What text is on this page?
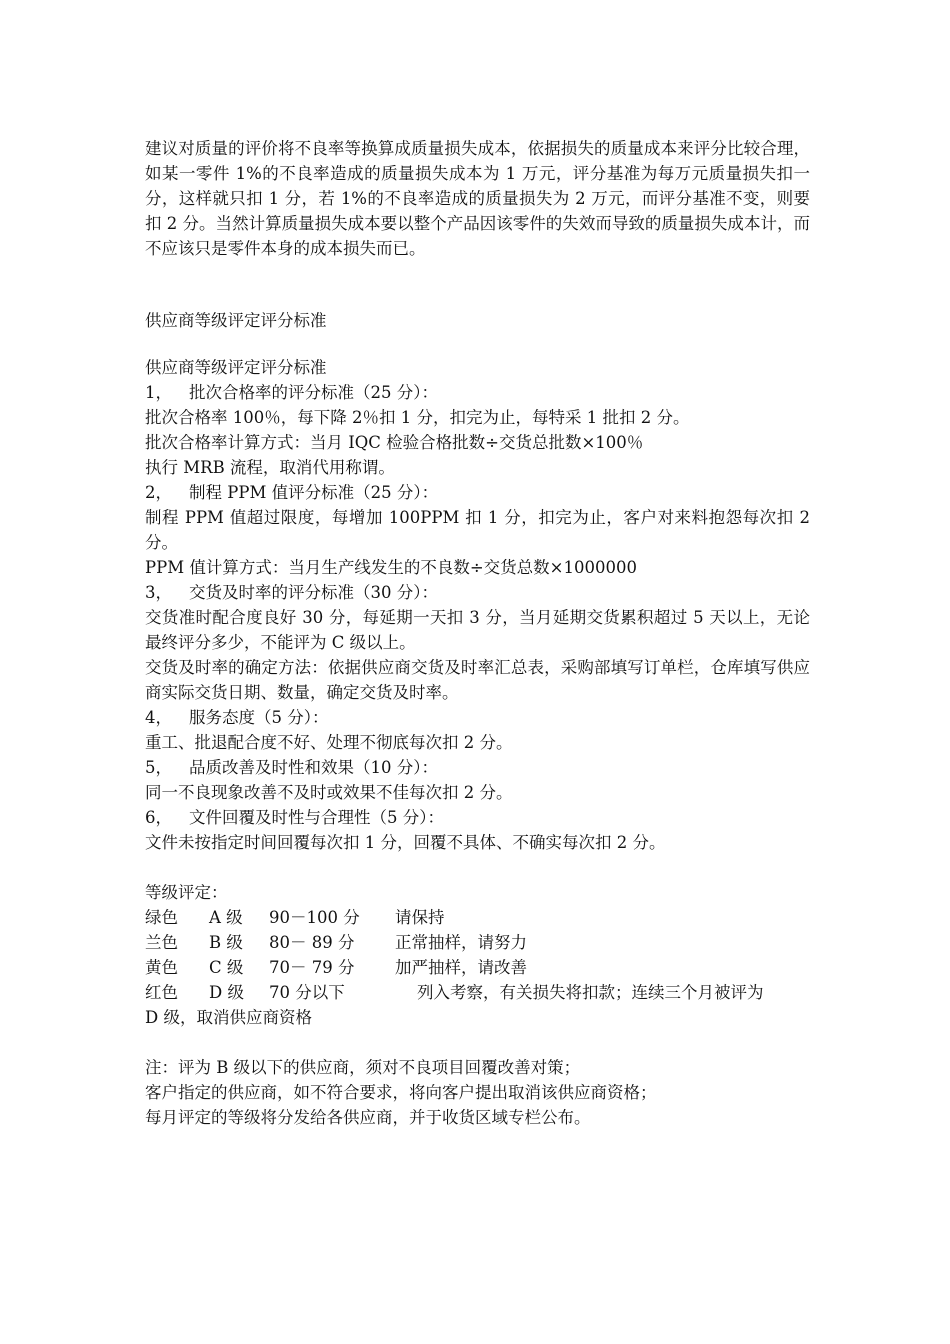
建议对质量的评价将不良率等换算成质量损失成本，依据损失的质量成本来评分比较合理，如某一零件 1%的不良率造成的质量损失成本为 1 万元，评分基准为每万元质量损失扣一分，这样就只扣 1 分，若 1%的不良率造成的质量损失为 2 万元，而评分基准不变，则要扣 2 分。当然计算质量损失成本要以整个产品因该零件的失效而导致的质量损失成本计，而不应该只是零件本身的成本损失而已。

供应商等级评定评分标准

供应商等级评定评分标准

1， 批次合格率的评分标准（25 分）：

批次合格率 100％，每下降 2％扣 1 分，扣完为止，每特采 1 批扣 2 分。

批次合格率计算方式：当月 IQC 检验合格批数÷交货总批数×100％

执行 MRB 流程，取消代用称谓。

2， 制程 PPM 值评分标准（25 分）：

制程 PPM 值超过限度，每增加 100PPM 扣 1 分，扣完为止，客户对来料抱怨每次扣 2 分。

PPM 值计算方式：当月生产线发生的不良数÷交货总数×1000000

3， 交货及时率的评分标准（30 分）：

交货准时配合度良好 30 分，每延期一天扣 3 分，当月延期交货累积超过 5 天以上，无论最终评分多少，不能评为 C 级以上。

交货及时率的确定方法：依据供应商交货及时率汇总表，采购部填写订单栏，仓库填写供应商实际交货日期、数量，确定交货及时率。

4， 服务态度（5 分）：

重工、批退配合度不好、处理不彻底每次扣 2 分。

5， 品质改善及时性和效果（10 分）：

同一不良现象改善不及时或效果不佳每次扣 2 分。

6， 文件回覆及时性与合理性（5 分）：

文件未按指定时间回覆每次扣 1 分，回覆不具体、不确实每次扣 2 分。

等级评定：

绿色	A 级	90－100 分	请保持
兰色	B 级	80－ 89 分	正常抽样，请努力
黄色	C 级	70－ 79 分	加严抽样，请改善
红色	D 级	70 分以下	列入考察，有关损失将扣款；连续三个月被评为

D 级，取消供应商资格

注：评为 B 级以下的供应商，须对不良项目回覆改善对策；

客户指定的供应商，如不符合要求，将向客户提出取消该供应商资格；

每月评定的等级将分发给各供应商，并于收货区域专栏公布。
